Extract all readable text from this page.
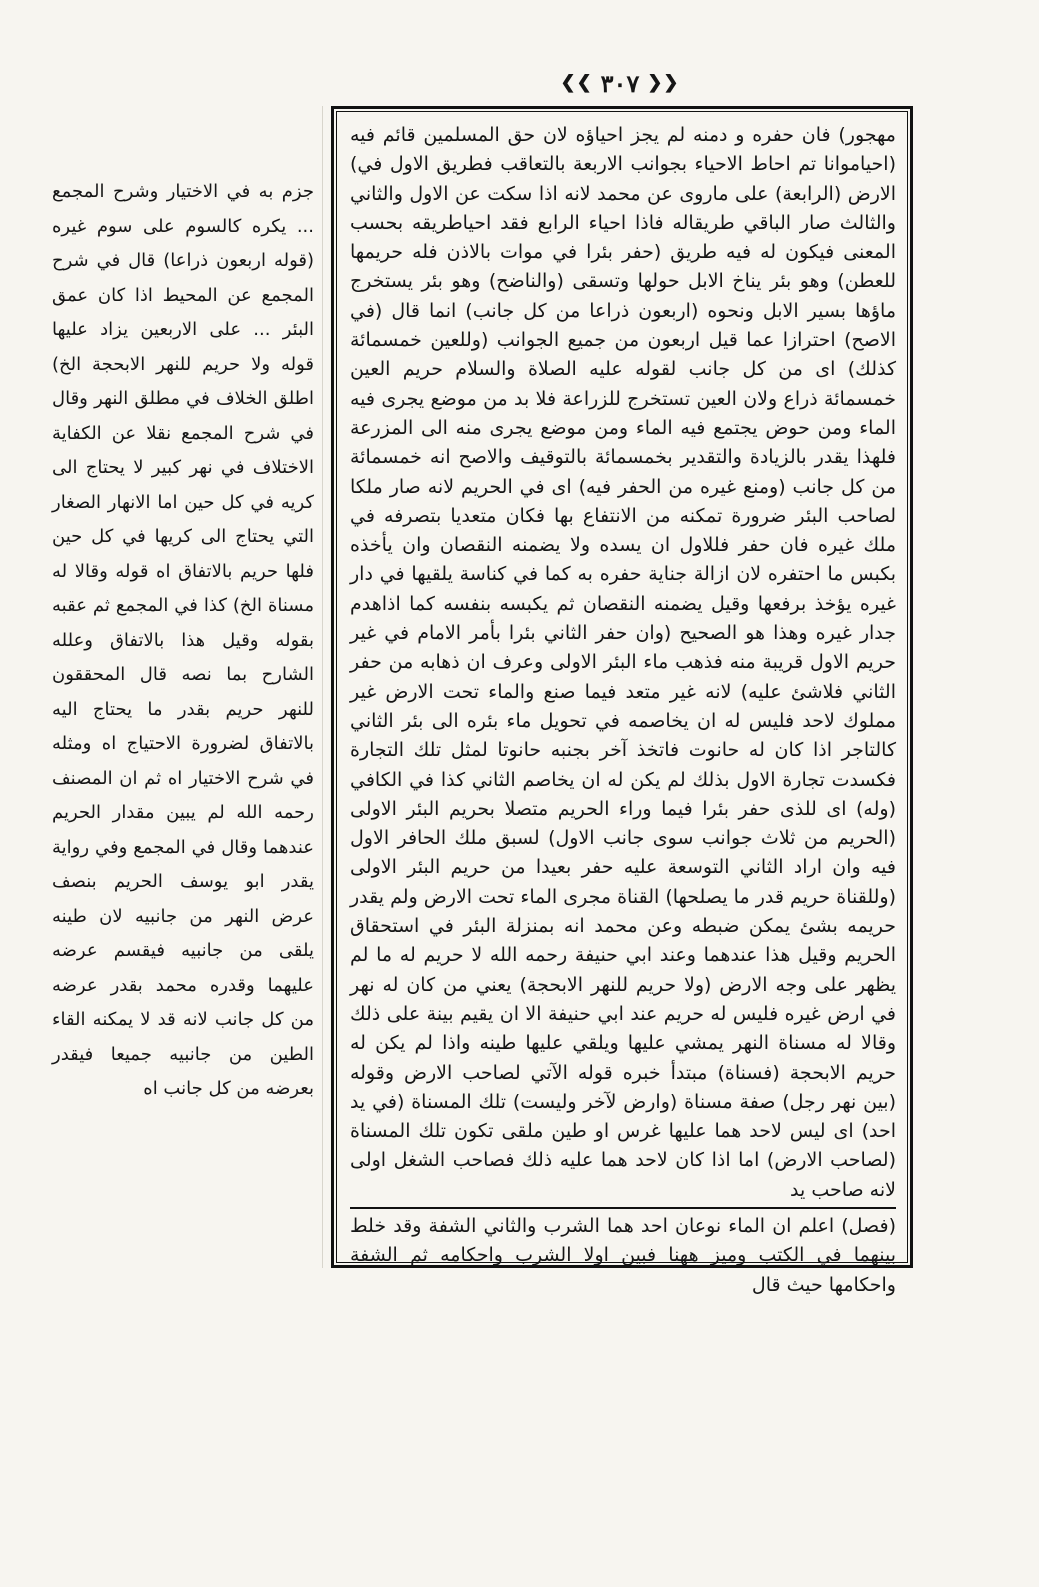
❮❮ ۳۰۷ ❯❯

جزم به في الاختيار وشرح المجمع ... يكره كالسوم على سوم غيره (قوله اربعون ذراعا) قال في شرح المجمع عن المحيط اذا كان عمق البئر ... على الاربعين يزاد عليها قوله ولا حريم للنهر الابحجة الخ) اطلق الخلاف في مطلق النهر وقال في شرح المجمع نقلا عن الكفاية الاختلاف في نهر كبير لا يحتاج الى كريه في كل حين اما الانهار الصغار التي يحتاج الى كريها في كل حين فلها حريم بالاتفاق اه قوله وقالا له مسناة الخ) كذا في المجمع ثم عقبه بقوله وقيل هذا بالاتفاق وعلله الشارح بما نصه قال المحققون للنهر حريم بقدر ما يحتاج اليه بالاتفاق لضرورة الاحتياج اه ومثله في شرح الاختيار اه ثم ان المصنف رحمه الله لم يبين مقدار الحريم عندهما وقال في المجمع وفي رواية يقدر ابو يوسف الحريم بنصف عرض النهر من جانبيه لان طينه يلقى من جانبيه فيقسم عرضه عليهما وقدره محمد بقدر عرضه من كل جانب لانه قد لا يمكنه القاء الطين من جانبيه جميعا فيقدر بعرضه من كل جانب اه

مهجور) فان حفره و دمنه لم يجز احياؤه لان حق المسلمين قائم فيه (احياموانا تم احاط الاحياء بجوانب الاربعة بالتعاقب فطريق الاول في) الارض (الرابعة) على ماروى عن محمد لانه اذا سكت عن الاول والثاني والثالث صار الباقي طريقاله فاذا احياء الرابع فقد احياطريقه بحسب المعنى فيكون له فيه طريق (حفر بئرا في موات بالاذن فله حريمها للعطن) وهو بئر يناخ الابل حولها وتسقى (والناضح) وهو بئر يستخرج ماؤها بسير الابل ونحوه (اربعون ذراعا من كل جانب) انما قال (في الاصح) احترازا عما قيل اربعون من جميع الجوانب (وللعين خمسمائة كذلك) اى من كل جانب لقوله عليه الصلاة والسلام حريم العين خمسمائة ذراع ولان العين تستخرج للزراعة فلا بد من موضع يجرى فيه الماء ومن حوض يجتمع فيه الماء ومن موضع يجرى منه الى المزرعة فلهذا يقدر بالزيادة والتقدير بخمسمائة بالتوقيف والاصح انه خمسمائة من كل جانب (ومنع غيره من الحفر فيه) اى في الحريم لانه صار ملكا لصاحب البئر ضرورة تمكنه من الانتفاع بها فكان متعديا بتصرفه في ملك غيره فان حفر فللاول ان يسده ولا يضمنه النقصان وان يأخذه بكبس ما احتفره لان ازالة جناية حفره به كما في كناسة يلقيها في دار غيره يؤخذ برفعها وقيل يضمنه النقصان ثم يكبسه بنفسه كما اذاهدم جدار غيره وهذا هو الصحيح (وان حفر الثاني بئرا بأمر الامام في غير حريم الاول قريبة منه فذهب ماء البئر الاولى وعرف ان ذهابه من حفر الثاني فلاشئ عليه) لانه غير متعد فيما صنع والماء تحت الارض غير مملوك لاحد فليس له ان يخاصمه في تحويل ماء بئره الى بئر الثاني كالتاجر اذا كان له حانوت فاتخذ آخر بجنبه حانوتا لمثل تلك التجارة فكسدت تجارة الاول بذلك لم يكن له ان يخاصم الثاني كذا في الكافي (وله) اى للذى حفر بئرا فيما وراء الحريم متصلا بحريم البئر الاولى (الحريم من ثلاث جوانب سوى جانب الاول) لسبق ملك الحافر الاول فيه وان اراد الثاني التوسعة عليه حفر بعيدا من حريم البئر الاولى (وللقناة حريم قدر ما يصلحها) القناة مجرى الماء تحت الارض ولم يقدر حريمه بشئ يمكن ضبطه وعن محمد انه بمنزلة البئر في استحقاق الحريم وقيل هذا عندهما وعند ابي حنيفة رحمه الله لا حريم له ما لم يظهر على وجه الارض (ولا حريم للنهر الابحجة) يعني من كان له نهر في ارض غيره فليس له حريم عند ابي حنيفة الا ان يقيم بينة على ذلك وقالا له مسناة النهر يمشي عليها ويلقي عليها طينه واذا لم يكن له حريم الابحجة (فسناة) مبتدأ خبره قوله الآتي لصاحب الارض وقوله (بين نهر رجل) صفة مسناة (وارض لآخر وليست) تلك المسناة (في يد احد) اى ليس لاحد هما عليها غرس او طين ملقى تكون تلك المسناة (لصاحب الارض) اما اذا كان لاحد هما عليه ذلك فصاحب الشغل اولى لانه صاحب يد

(فصل) اعلم ان الماء نوعان احد هما الشرب والثاني الشفة وقد خلط بينهما في الكتب وميز ههنا فبين اولا الشرب واحكامه ثم الشفة واحكامها حيث قال
